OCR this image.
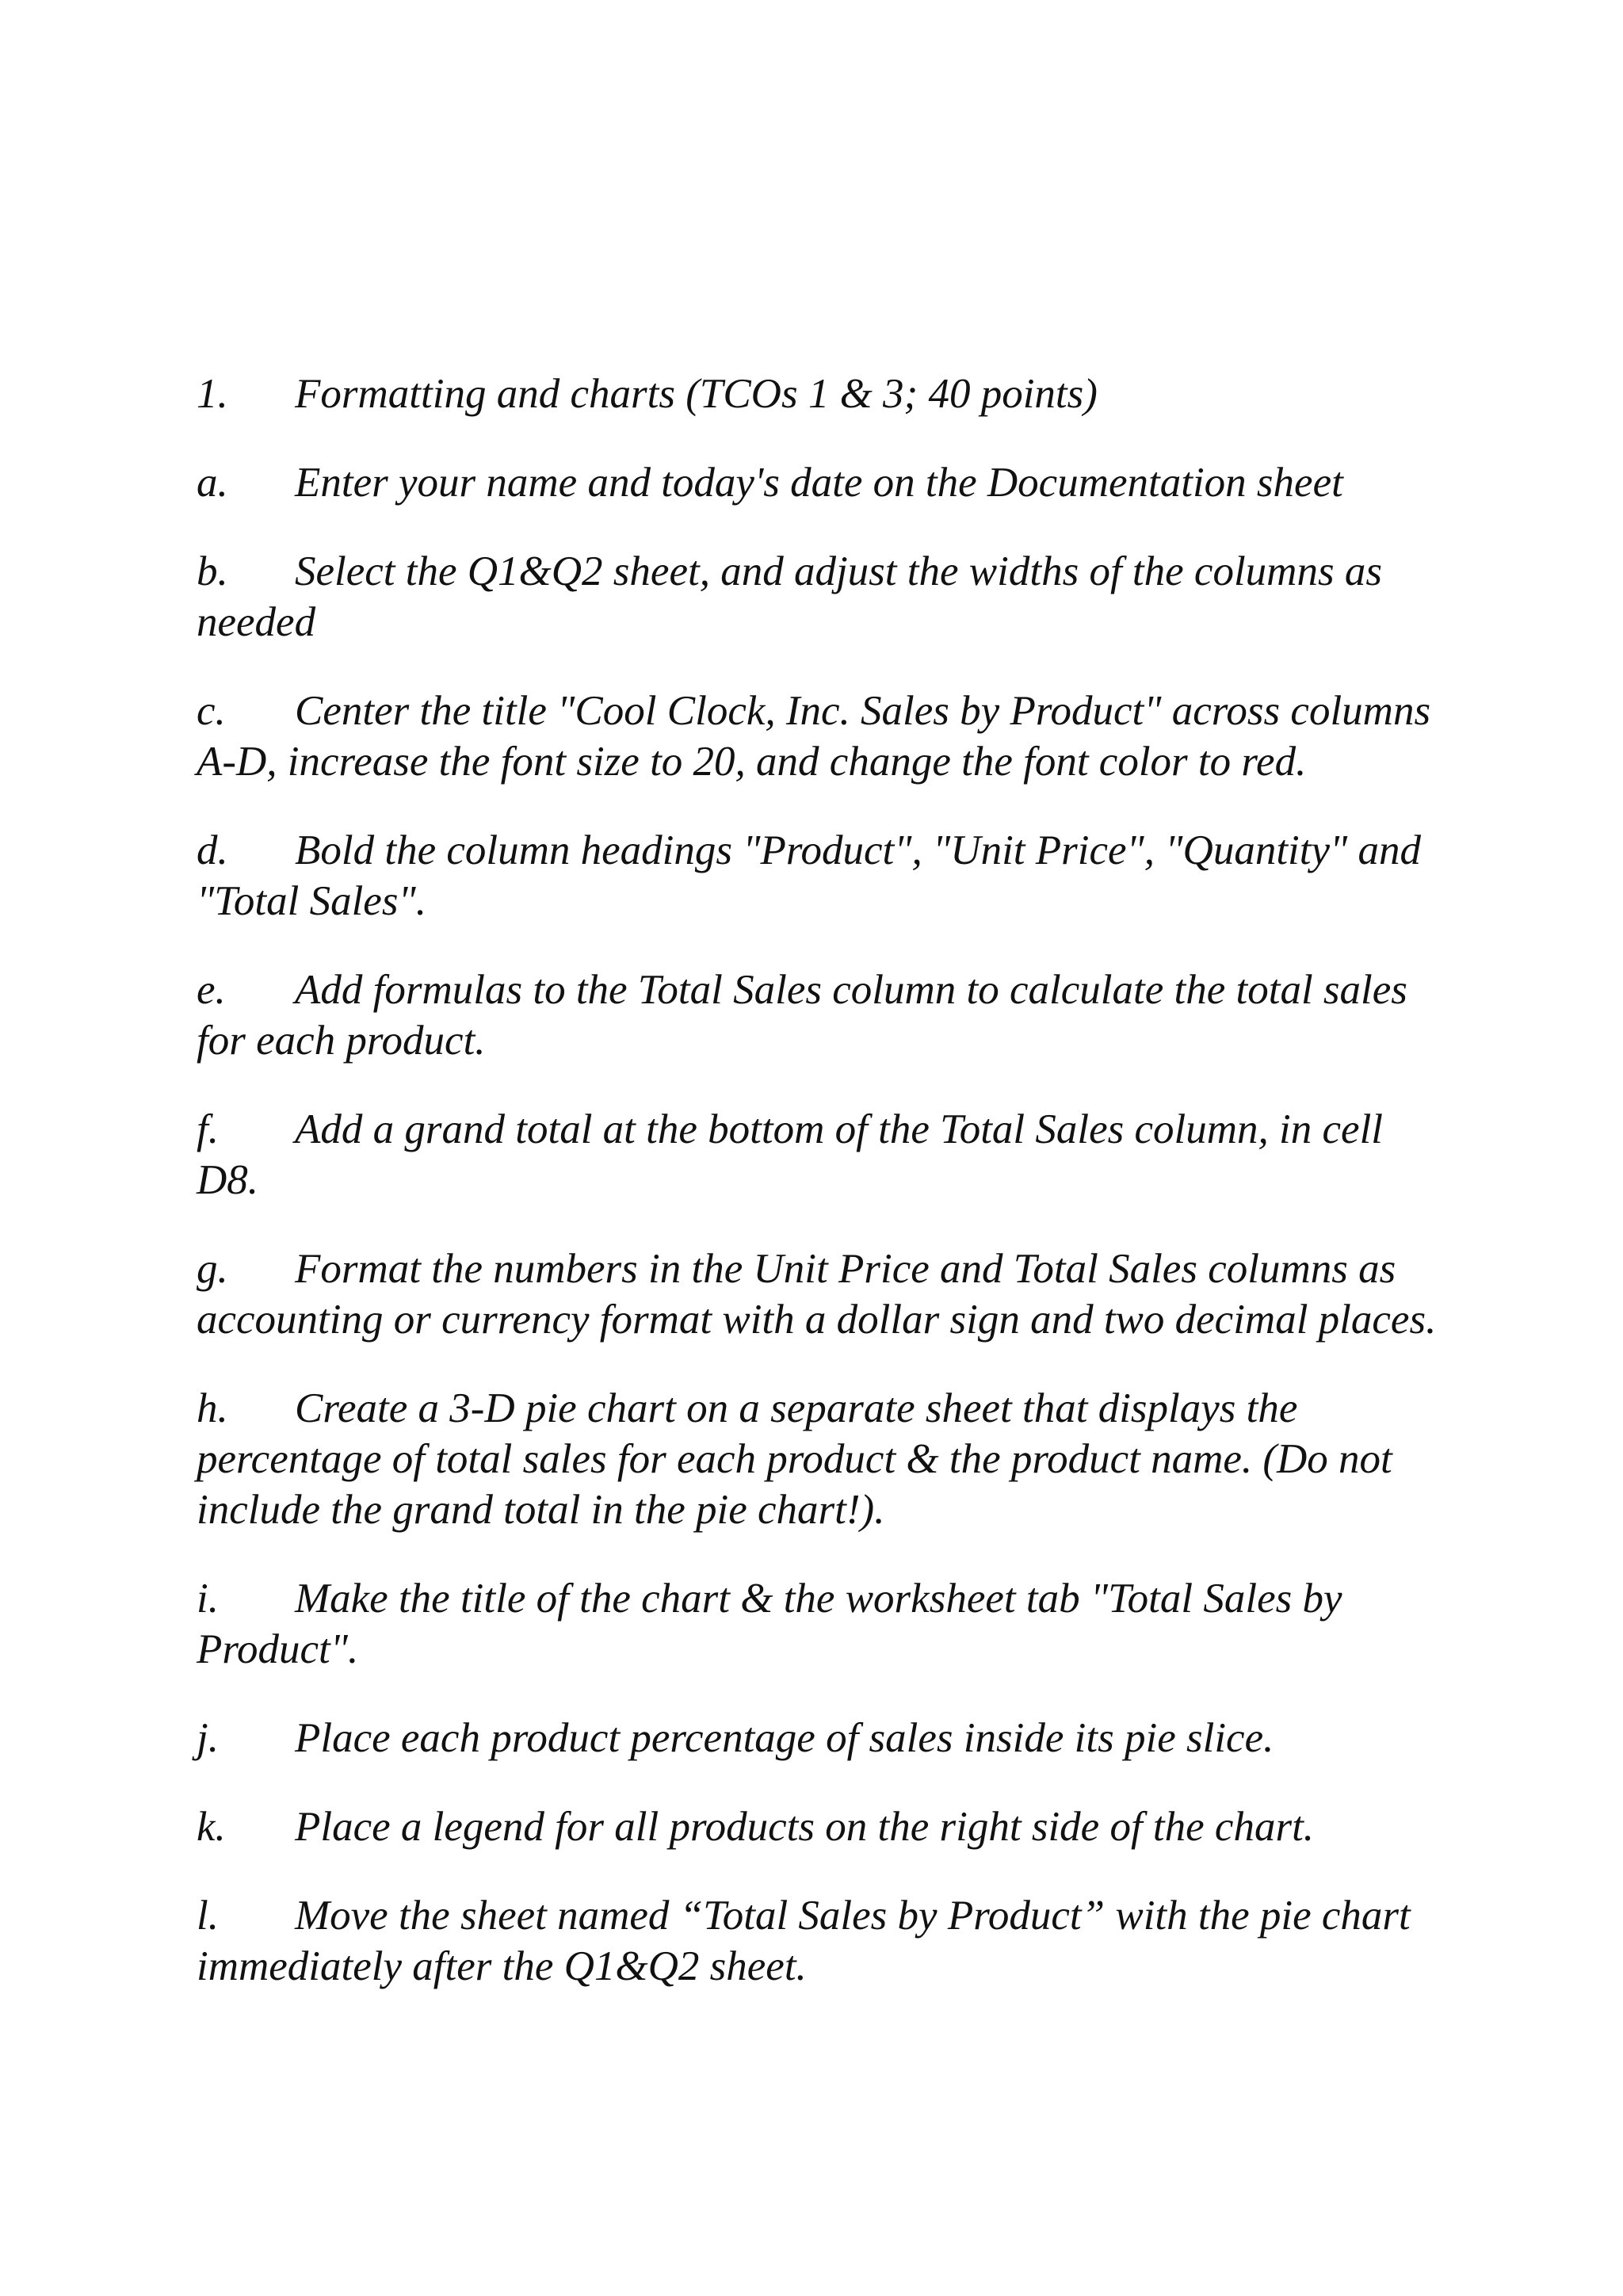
1. Formatting and charts (TCOs 1 & 3; 40 points)

a. Enter your name and today's date on the Documentation sheet

b. Select the Q1&Q2 sheet, and adjust the widths of the columns as needed

c. Center the title "Cool Clock, Inc. Sales by Product" across columns A-D, increase the font size to 20, and change the font color to red.

d. Bold the column headings "Product", "Unit Price", "Quantity" and "Total Sales".

e. Add formulas to the Total Sales column to calculate the total sales for each product.

f. Add a grand total at the bottom of the Total Sales column, in cell D8.

g. Format the numbers in the Unit Price and Total Sales columns as accounting or currency format with a dollar sign and two decimal places.

h. Create a 3-D pie chart on a separate sheet that displays the percentage of total sales for each product & the product name. (Do not include the grand total in the pie chart!).

i. Make the title of the chart & the worksheet tab "Total Sales by Product".

j. Place each product percentage of sales inside its pie slice.

k. Place a legend for all products on the right side of the chart.

l. Move the sheet named “Total Sales by Product” with the pie chart immediately after the Q1&Q2 sheet.
